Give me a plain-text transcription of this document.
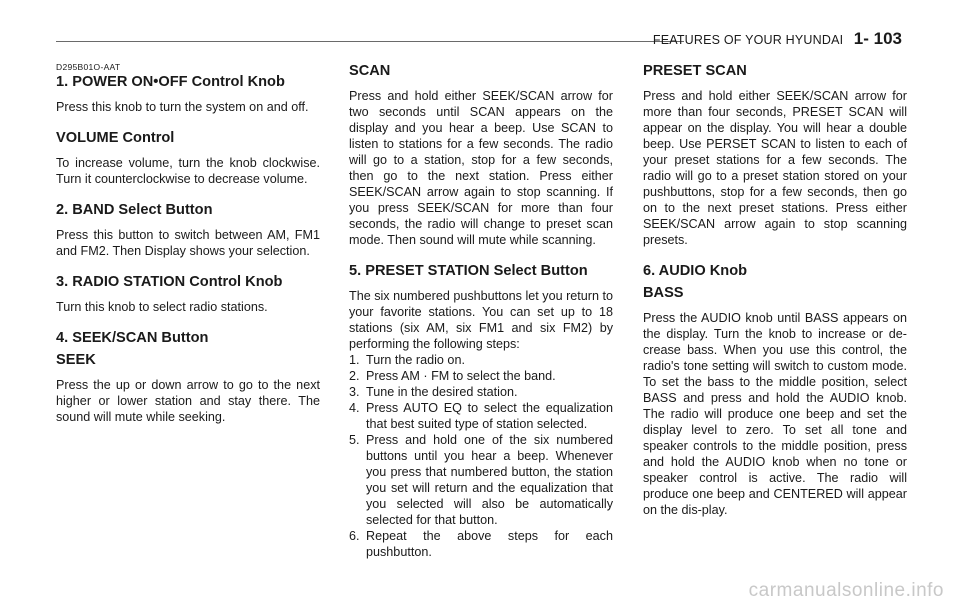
FEATURES OF YOUR HYUNDAI 1- 103
D295B01O-AAT
1. POWER ON•OFF Control Knob

Press this knob to turn the system on and off.

VOLUME Control

To increase volume, turn the knob clockwise. Turn it counterclockwise to decrease volume.

2. BAND Select Button

Press this button to switch between AM, FM1 and FM2. Then Display shows your selection.

3. RADIO STATION Control Knob

Turn this knob to select radio stations.

4. SEEK/SCAN Button
SEEK

Press the up or down arrow to go to the next higher or lower station and stay there. The sound will mute while seeking.

SCAN

Press and hold either SEEK/SCAN arrow for two seconds until SCAN appears on the display and you hear a beep. Use SCAN to listen to stations for a few seconds. The radio will go to a station, stop for a few seconds, then go to the next station. Press either SEEK/SCAN arrow again to stop scanning. If you press SEEK/SCAN for more than four seconds, the radio will change to preset scan mode. Then sound will mute while scanning.

5. PRESET STATION Select Button

The six numbered pushbuttons let you return to your favorite stations. You can set up to 18 stations (six AM, six FM1 and six FM2) by performing the following steps:

1. Turn the radio on.
2. Press AM · FM to select the band.
3. Tune in the desired station.
4. Press AUTO EQ to select the equalization that best suited type of station selected.
5. Press and hold one of the six numbered buttons until you hear a beep. Whenever you press that numbered button, the station you set will return and the equalization that you selected will also be automatically selected for that button.
6. Repeat the above steps for each pushbutton.
PRESET SCAN

Press and hold either SEEK/SCAN arrow for more than four seconds, PRESET SCAN will appear on the display. You will hear a double beep. Use PERSET SCAN to listen to each of your preset stations for a few seconds. The radio will go to a preset station stored on your pushbuttons, stop for a few seconds, then go on to the next preset stations. Press either SEEK/SCAN arrow again to stop scanning presets.

6. AUDIO Knob
BASS

Press the AUDIO knob until BASS appears on the display. Turn the knob to increase or de-crease bass. When you use this control, the radio's tone setting will switch to custom mode. To set the bass to the middle position, select BASS and press and hold the AUDIO knob. The radio will produce one beep and set the display level to zero. To set all tone and speaker controls to the middle position, press and hold the AUDIO knob when no tone or speaker control is active. The radio will produce one beep and CENTERED will appear on the dis-play.

carmanualsonline.info
